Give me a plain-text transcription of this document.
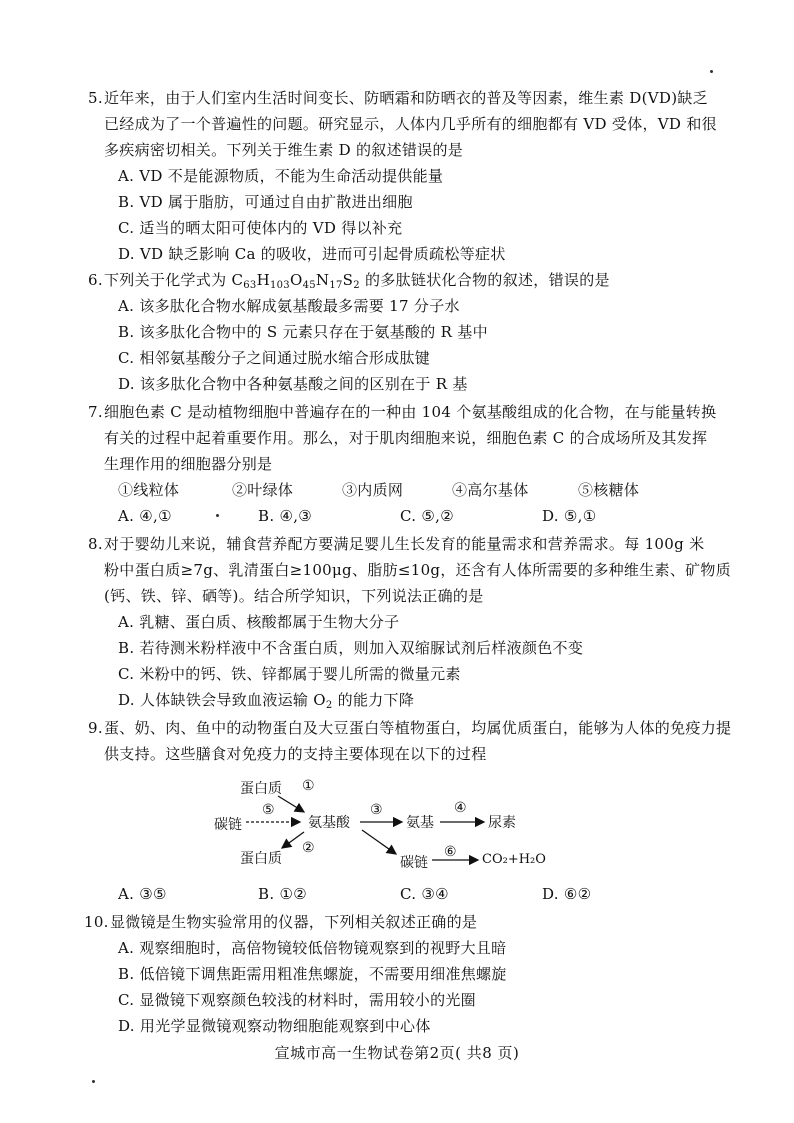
5.近年来，由于人们室内生活时间变长、防晒霜和防晒衣的普及等因素，维生素 D(VD)缺乏
已经成为了一个普遍性的问题。研究显示，人体内几乎所有的细胞都有 VD 受体，VD 和很
多疾病密切相关。下列关于维生素 D 的叙述错误的是
A. VD 不是能源物质，不能为生命活动提供能量
B. VD 属于脂肪，可通过自由扩散进出细胞
C. 适当的晒太阳可使体内的 VD 得以补充
D. VD 缺乏影响 Ca 的吸收，进而可引起骨质疏松等症状
6.下列关于化学式为 $C_{63}H_{103}O_{45}N_{17}S_2$ 的多肽链状化合物的叙述，错误的是
A. 该多肽化合物水解成氨基酸最多需要 17 分子水
B. 该多肽化合物中的 S 元素只存在于氨基酸的 R 基中
C. 相邻氨基酸分子之间通过脱水缩合形成肽键
D. 该多肽化合物中各种氨基酸之间的区别在于 R 基
7.细胞色素 C 是动植物细胞中普遍存在的一种由 104 个氨基酸组成的化合物，在与能量转换
有关的过程中起着重要作用。那么，对于肌肉细胞来说，细胞色素 C 的合成场所及其发挥
生理作用的细胞器分别是
①线粒体	②叶绿体	③内质网	④高尔基体	⑤核糖体
A. ④,①	B. ④,③	C. ⑤,②	D. ⑤,①
8.对于婴幼儿来说，辅食营养配方要满足婴儿生长发育的能量需求和营养需求。每 100g 米
粉中蛋白质≥7g、乳清蛋白≥100μg、脂肪≤10g，还含有人体所需要的多种维生素、矿物质
(钙、铁、锌、硒等)。结合所学知识，下列说法正确的是
A. 乳糖、蛋白质、核酸都属于生物大分子
B. 若待测米粉样液中不含蛋白质，则加入双缩脲试剂后样液颜色不变
C. 米粉中的钙、铁、锌都属于婴儿所需的微量元素
D. 人体缺铁会导致血液运输 $O_2$ 的能力下降
9.蛋、奶、肉、鱼中的动物蛋白及大豆蛋白等植物蛋白，均属优质蛋白，能够为人体的免疫力提
供支持。这些膳食对免疫力的支持主要体现在以下的过程
蛋白质 ①
碳链
⑤
氨基酸
③
氨基
④
尿素
蛋白质
②
碳链
⑥ CO₂+H₂O
A. ③⑤	B. ①②	C. ③④	D. ⑥②
10.显微镜是生物实验常用的仪器，下列相关叙述正确的是
A. 观察细胞时，高倍物镜较低倍物镜观察到的视野大且暗
B. 低倍镜下调焦距需用粗准焦螺旋，不需要用细准焦螺旋
C. 显微镜下观察颜色较浅的材料时，需用较小的光圈
D. 用光学显微镜观察动物细胞能观察到中心体
宣城市高一生物试卷第2页( 共8 页)
